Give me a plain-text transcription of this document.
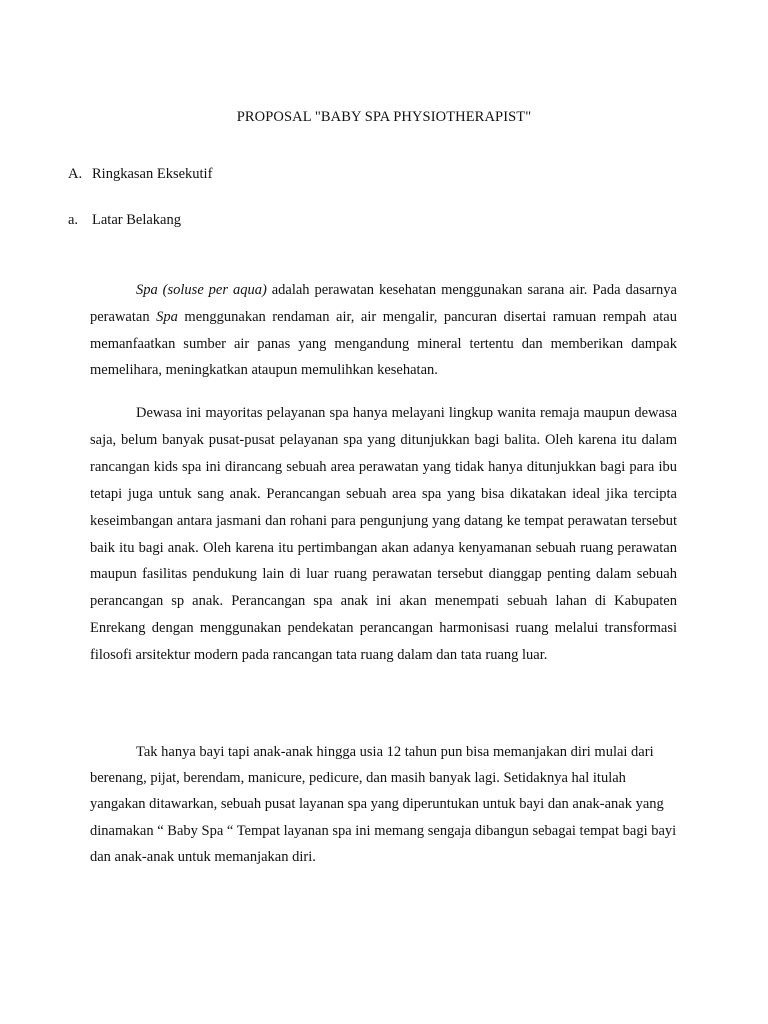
PROPOSAL "BABY SPA PHYSIOTHERAPIST"
A. Ringkasan Eksekutif
a. Latar Belakang

Spa (soluse per aqua) adalah perawatan kesehatan menggunakan sarana air. Pada dasarnya perawatan Spa menggunakan rendaman air, air mengalir, pancuran disertai ramuan rempah atau memanfaatkan sumber air panas yang mengandung mineral tertentu dan memberikan dampak memelihara, meningkatkan ataupun memulihkan kesehatan.

Dewasa ini mayoritas pelayanan spa hanya melayani lingkup wanita remaja maupun dewasa saja, belum banyak pusat-pusat pelayanan spa yang ditunjukkan bagi balita. Oleh karena itu dalam rancangan kids spa ini dirancang sebuah area perawatan yang tidak hanya ditunjukkan bagi para ibu tetapi juga untuk sang anak. Perancangan sebuah area spa yang bisa dikatakan ideal jika tercipta keseimbangan antara jasmani dan rohani para pengunjung yang datang ke tempat perawatan tersebut baik itu bagi anak. Oleh karena itu pertimbangan akan adanya kenyamanan sebuah ruang perawatan maupun fasilitas pendukung lain di luar ruang perawatan tersebut dianggap penting dalam sebuah perancangan sp anak. Perancangan spa anak ini akan menempati sebuah lahan di Kabupaten Enrekang dengan menggunakan pendekatan perancangan harmonisasi ruang melalui transformasi filosofi arsitektur modern pada rancangan tata ruang dalam dan tata ruang luar.

Tak hanya bayi tapi anak-anak hingga usia 12 tahun pun bisa memanjakan diri mulai dari berenang, pijat, berendam, manicure, pedicure, dan masih banyak lagi. Setidaknya hal itulah yangakan ditawarkan, sebuah pusat layanan spa yang diperuntukan untuk bayi dan anak-anak yang dinamakan “ Baby Spa “ Tempat layanan spa ini memang sengaja dibangun sebagai tempat bagi bayi dan anak-anak untuk memanjakan diri.
